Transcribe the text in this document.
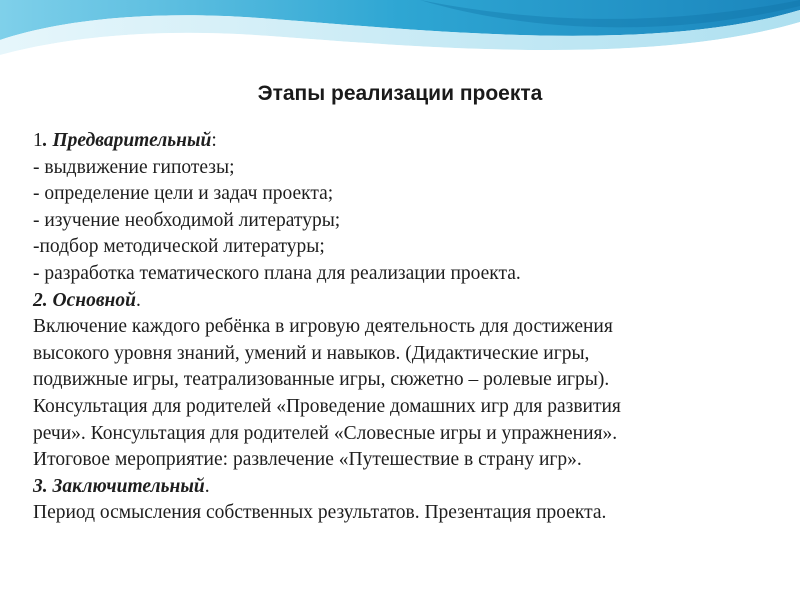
Этапы реализации проекта
1. Предварительный:
- выдвижение гипотезы;
- определение цели и задач проекта;
- изучение необходимой литературы;
-подбор методической литературы;
- разработка тематического плана для реализации проекта.
2. Основной.
Включение каждого ребёнка в игровую деятельность для достижения
высокого уровня знаний, умений и навыков. (Дидактические игры,
подвижные игры, театрализованные игры, сюжетно – ролевые игры).
Консультация для родителей «Проведение домашних игр для развития
речи». Консультация для родителей «Словесные игры и упражнения».
Итоговое мероприятие: развлечение «Путешествие в страну игр».
3. Заключительный.
Период осмысления собственных результатов. Презентация проекта.
